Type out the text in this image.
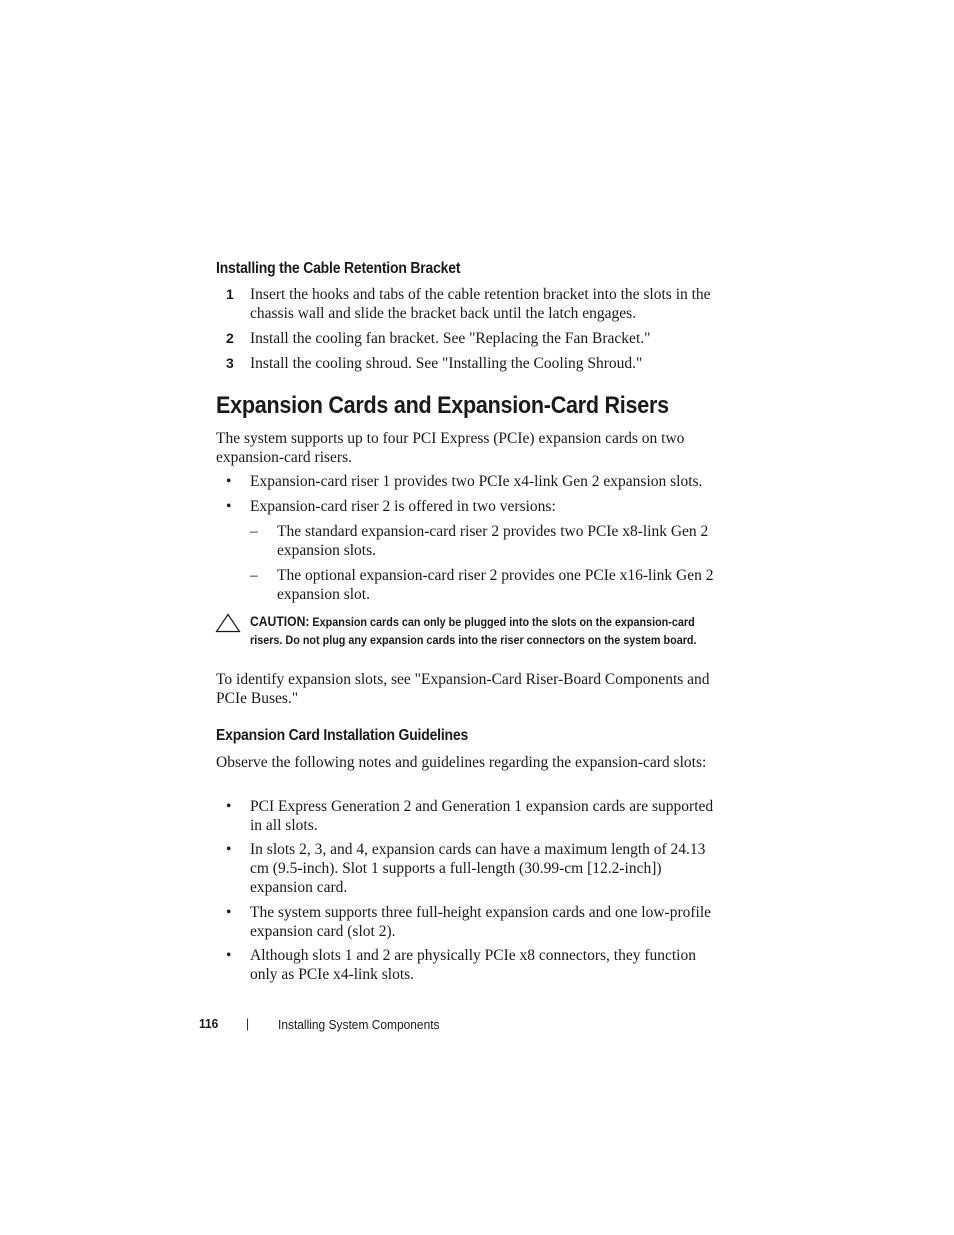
Installing the Cable Retention Bracket
1 Insert the hooks and tabs of the cable retention bracket into the slots in the chassis wall and slide the bracket back until the latch engages.
2 Install the cooling fan bracket. See "Replacing the Fan Bracket."
3 Install the cooling shroud. See "Installing the Cooling Shroud."
Expansion Cards and Expansion-Card Risers
The system supports up to four PCI Express (PCIe) expansion cards on two expansion-card risers.
• Expansion-card riser 1 provides two PCIe x4-link Gen 2 expansion slots.
• Expansion-card riser 2 is offered in two versions:
– The standard expansion-card riser 2 provides two PCIe x8-link Gen 2 expansion slots.
– The optional expansion-card riser 2 provides one PCIe x16-link Gen 2 expansion slot.
CAUTION: Expansion cards can only be plugged into the slots on the expansion-card risers. Do not plug any expansion cards into the riser connectors on the system board.
To identify expansion slots, see "Expansion-Card Riser-Board Components and PCIe Buses."
Expansion Card Installation Guidelines
Observe the following notes and guidelines regarding the expansion-card slots:
• PCI Express Generation 2 and Generation 1 expansion cards are supported in all slots.
• In slots 2, 3, and 4, expansion cards can have a maximum length of 24.13 cm (9.5-inch). Slot 1 supports a full-length (30.99-cm [12.2-inch]) expansion card.
• The system supports three full-height expansion cards and one low-profile expansion card (slot 2).
• Although slots 1 and 2 are physically PCIe x8 connectors, they function only as PCIe x4-link slots.
116 | Installing System Components
